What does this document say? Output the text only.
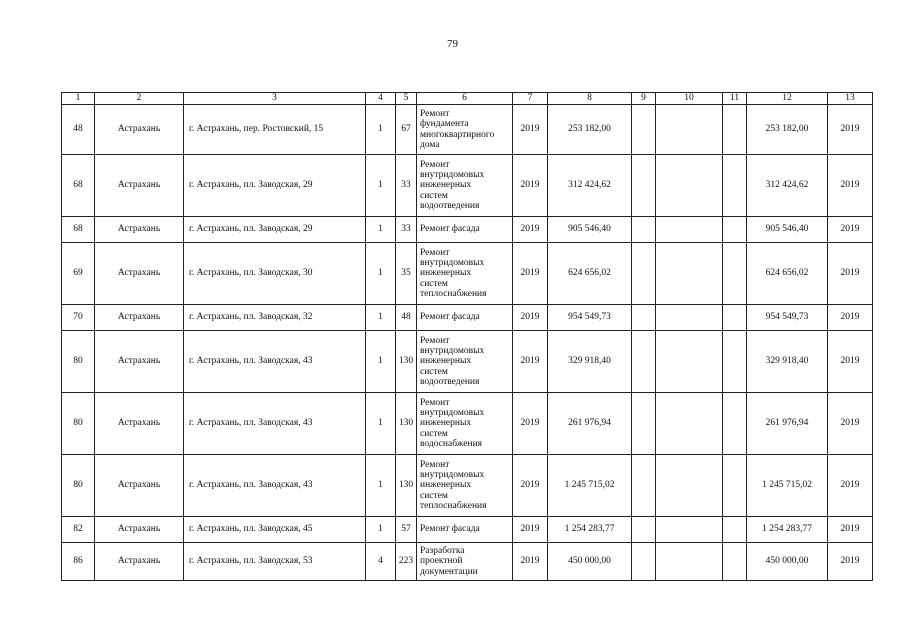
79
1	2	3	4	5	6	7	8	9	10	11	12	13
48	Астрахань	г. Астрахань, пер. Ростовский, 15	1	67	Ремонт
фундамента
многоквартирного
дома	2019	253 182,00				253 182,00	2019
68	Астрахань	г. Астрахань, пл. Заводская, 29	1	33	Ремонт
внутридомовых
инженерных
систем
водоотведения	2019	312 424,62				312 424,62	2019
68	Астрахань	г. Астрахань, пл. Заводская, 29	1	33	Ремонт фасада	2019	905 546,40				905 546,40	2019
69	Астрахань	г. Астрахань, пл. Заводская, 30	1	35	Ремонт
внутридомовых
инженерных
систем
теплоснабжения	2019	624 656,02				624 656,02	2019
70	Астрахань	г. Астрахань, пл. Заводская, 32	1	48	Ремонт фасада	2019	954 549,73				954 549,73	2019
80	Астрахань	г. Астрахань, пл. Заводская, 43	1	130	Ремонт
внутридомовых
инженерных
систем
водоотведения	2019	329 918,40				329 918,40	2019
80	Астрахань	г. Астрахань, пл. Заводская, 43	1	130	Ремонт
внутридомовых
инженерных
систем
водоснабжения	2019	261 976,94				261 976,94	2019
80	Астрахань	г. Астрахань, пл. Заводская, 43	1	130	Ремонт
внутридомовых
инженерных
систем
теплоснабжения	2019	1 245 715,02				1 245 715,02	2019
82	Астрахань	г. Астрахань, пл. Заводская, 45	1	57	Ремонт фасада	2019	1 254 283,77				1 254 283,77	2019
86	Астрахань	г. Астрахань, пл. Заводская, 53	4	223	Разработка
проектной
документации	2019	450 000,00				450 000,00	2019
